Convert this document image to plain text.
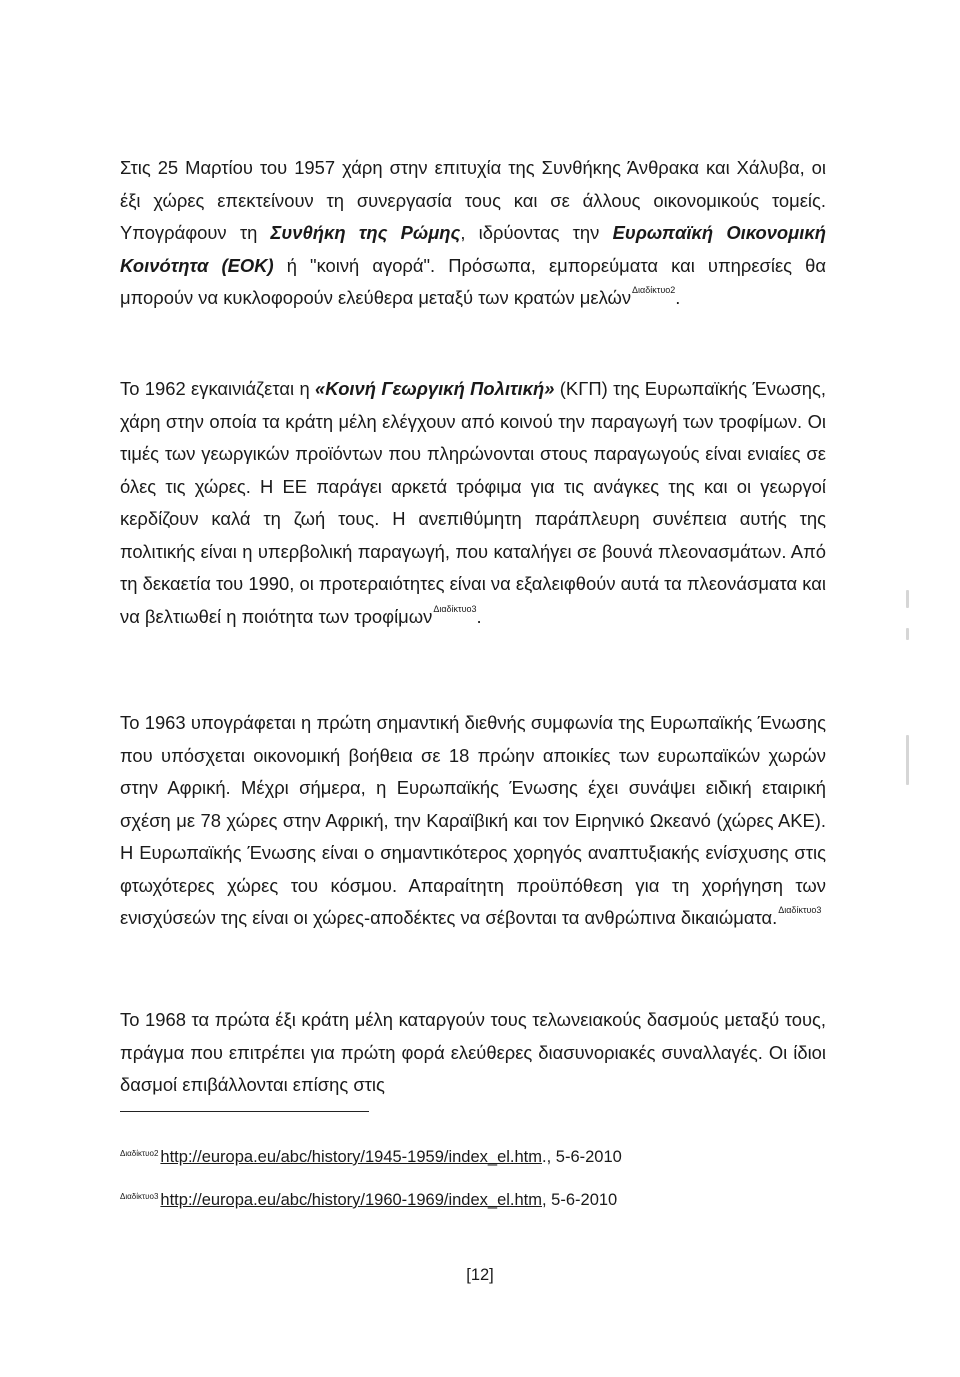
Στις 25 Μαρτίου του 1957 χάρη στην επιτυχία της Συνθήκης Άνθρακα και Χάλυβα, οι έξι χώρες επεκτείνουν τη συνεργασία τους και σε άλλους οικονομικούς τομείς. Υπογράφουν τη Συνθήκη της Ρώμης, ιδρύοντας την Ευρωπαϊκή Οικονομική Κοινότητα (ΕΟΚ) ή "κοινή αγορά". Πρόσωπα, εμπορεύματα και υπηρεσίες θα μπορούν να κυκλοφορούν ελεύθερα μεταξύ των κρατών μελών$^{\Delta\iota\alpha\delta ί\kappa\tau\upsilon o2}$.

Το 1962 εγκαινιάζεται η «Κοινή Γεωργική Πολιτική» (ΚΓΠ) της Ευρωπαϊκής Ένωσης, χάρη στην οποία τα κράτη μέλη ελέγχουν από κοινού την παραγωγή των τροφίμων. Οι τιμές των γεωργικών προϊόντων που πληρώνονται στους παραγωγούς είναι ενιαίες σε όλες τις χώρες. Η ΕΕ παράγει αρκετά τρόφιμα για τις ανάγκες της και οι γεωργοί κερδίζουν καλά τη ζωή τους. Η ανεπιθύμητη παράπλευρη συνέπεια αυτής της πολιτικής είναι η υπερβολική παραγωγή, που καταλήγει σε βουνά πλεονασμάτων. Από τη δεκαετία του 1990, οι προτεραιότητες είναι να εξαλειφθούν αυτά τα πλεονάσματα και να βελτιωθεί η ποιότητα των τροφίμων$^{\Delta\iota\alpha\delta ί\kappa\tau\upsilon o3}$.

Το 1963 υπογράφεται η πρώτη σημαντική διεθνής συμφωνία της Ευρωπαϊκής Ένωσης που υπόσχεται οικονομική βοήθεια σε 18 πρώην αποικίες των ευρωπαϊκών χωρών στην Αφρική. Μέχρι σήμερα, η Ευρωπαϊκής Ένωσης έχει συνάψει ειδική εταιρική σχέση με 78 χώρες στην Αφρική, την Καραϊβική και τον Ειρηνικό Ωκεανό (χώρες ΑΚΕ). Η Ευρωπαϊκής Ένωσης είναι ο σημαντικότερος χορηγός αναπτυξιακής ενίσχυσης στις φτωχότερες χώρες του κόσμου. Απαραίτητη προϋπόθεση για τη χορήγηση των ενισχύσεών της είναι οι χώρες-αποδέκτες να σέβονται τα ανθρώπινα δικαιώματα.$^{\Delta\iota\alpha\delta ί\kappa\tau\upsilon o3}$

Το 1968 τα πρώτα έξι κράτη μέλη καταργούν τους τελωνειακούς δασμούς μεταξύ τους, πράγμα που επιτρέπει για πρώτη φορά ελεύθερες διασυνοριακές συναλλαγές. Οι ίδιοι δασμοί επιβάλλονται επίσης στις

$^{\Delta\iota\alpha\delta ί\kappa\tau\upsilon o2}$ http://europa.eu/abc/history/1945-1959/index_el.htm., 5-6-2010
$^{\Delta\iota\alpha\delta ί\kappa\tau\upsilon o3}$ http://europa.eu/abc/history/1960-1969/index_el.htm, 5-6-2010
[12]
